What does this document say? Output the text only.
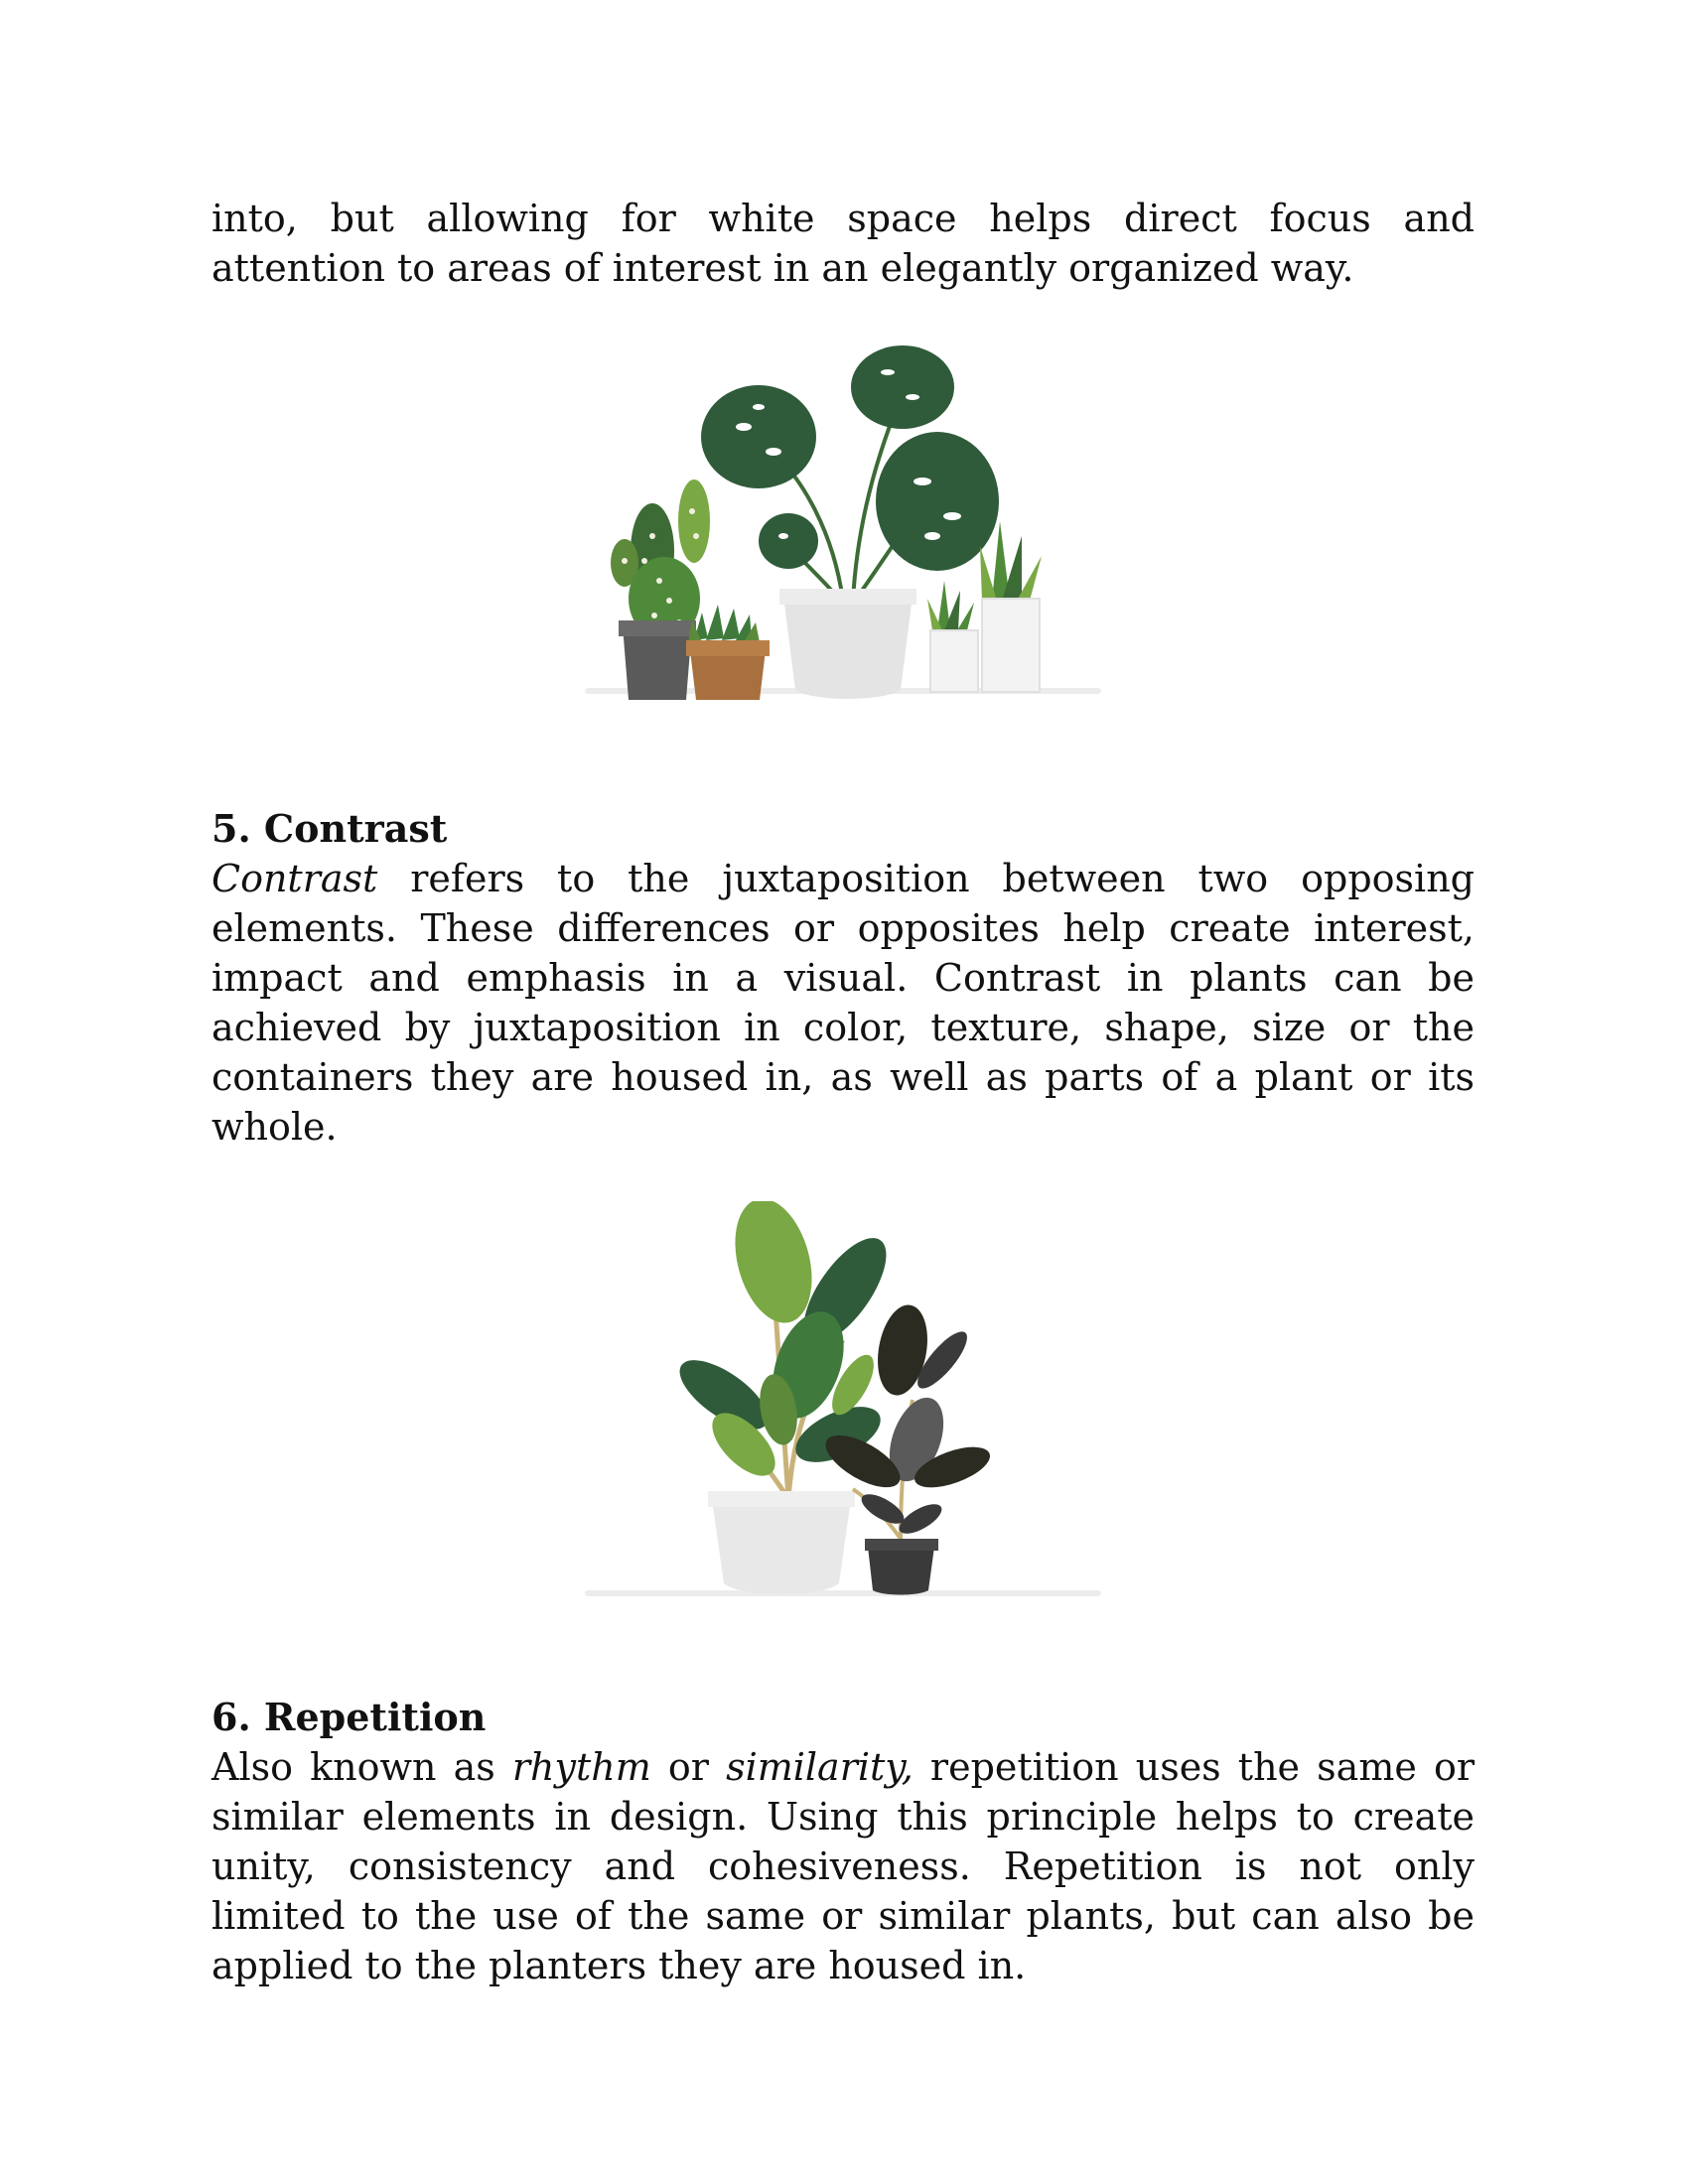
into, but allowing for white space helps direct focus and attention to areas of interest in an elegantly organized way.

5. Contrast

Contrast refers to the juxtaposition between two opposing elements. These differences or opposites help create interest, impact and emphasis in a visual. Contrast in plants can be achieved by juxtaposition in color, texture, shape, size or the containers they are housed in, as well as parts of a plant or its whole.

6. Repetition

Also known as rhythm or similarity, repetition uses the same or similar elements in design. Using this principle helps to create unity, consistency and cohesiveness. Repetition is not only limited to the use of the same or similar plants, but can also be applied to the planters they are housed in.
